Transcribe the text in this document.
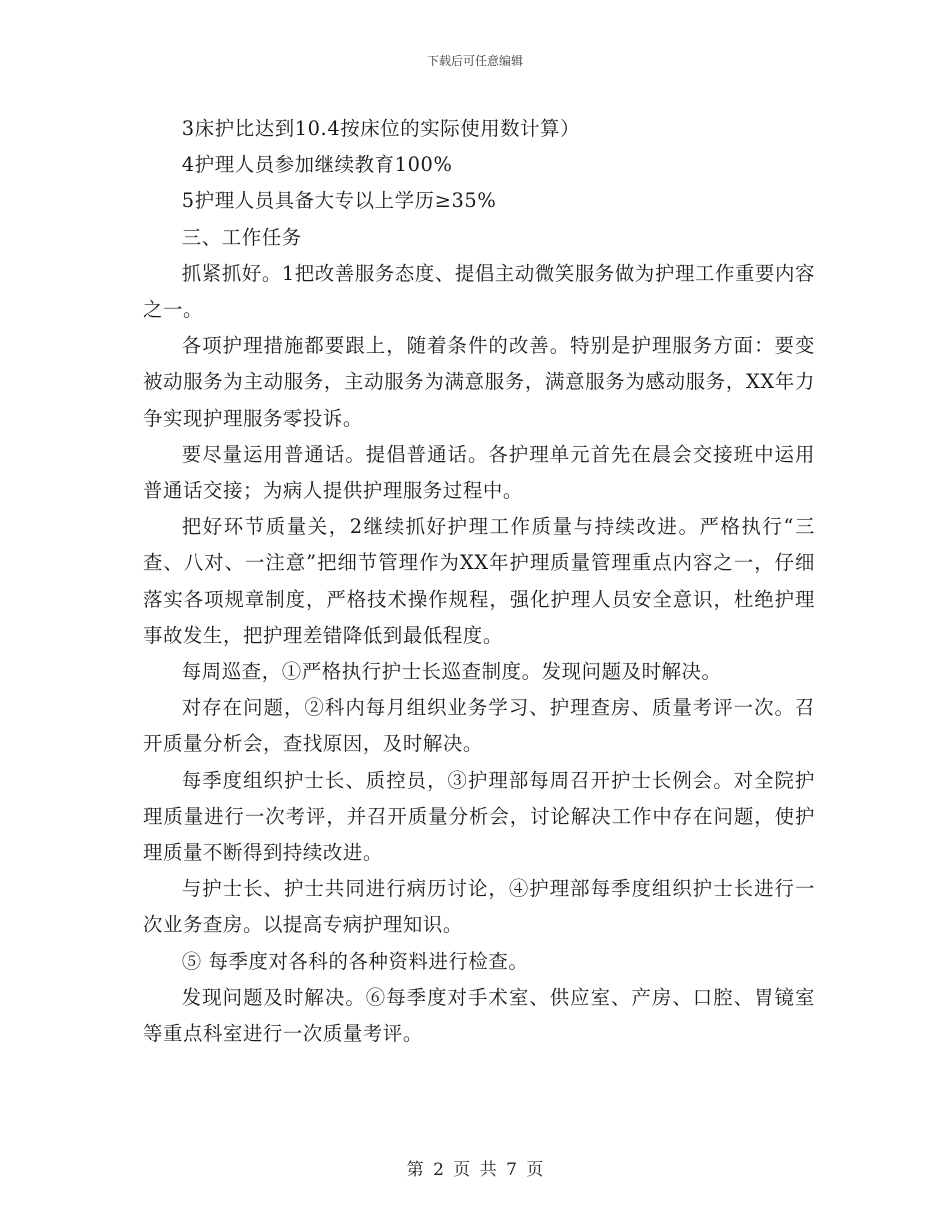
下载后可任意编辑

3床护比达到10.4按床位的实际使用数计算）

4护理人员参加继续教育100%

5护理人员具备大专以上学历≥35%

三、工作任务

抓紧抓好。1把改善服务态度、提倡主动微笑服务做为护理工作重要内容之一。

各项护理措施都要跟上，随着条件的改善。特别是护理服务方面：要变被动服务为主动服务，主动服务为满意服务，满意服务为感动服务，XX年力争实现护理服务零投诉。

要尽量运用普通话。提倡普通话。各护理单元首先在晨会交接班中运用普通话交接；为病人提供护理服务过程中。

把好环节质量关，2继续抓好护理工作质量与持续改进。严格执行“三查、八对、一注意”把细节管理作为XX年护理质量管理重点内容之一，仔细落实各项规章制度，严格技术操作规程，强化护理人员安全意识，杜绝护理事故发生，把护理差错降低到最低程度。

每周巡查，①严格执行护士长巡查制度。发现问题及时解决。

对存在问题，②科内每月组织业务学习、护理查房、质量考评一次。召开质量分析会，查找原因，及时解决。

每季度组织护士长、质控员，③护理部每周召开护士长例会。对全院护理质量进行一次考评，并召开质量分析会，讨论解决工作中存在问题，使护理质量不断得到持续改进。

与护士长、护士共同进行病历讨论，④护理部每季度组织护士长进行一次业务查房。以提高专病护理知识。

⑤ 每季度对各科的各种资料进行检查。

发现问题及时解决。⑥每季度对手术室、供应室、产房、口腔、胃镜室等重点科室进行一次质量考评。

第 2 页 共 7 页
